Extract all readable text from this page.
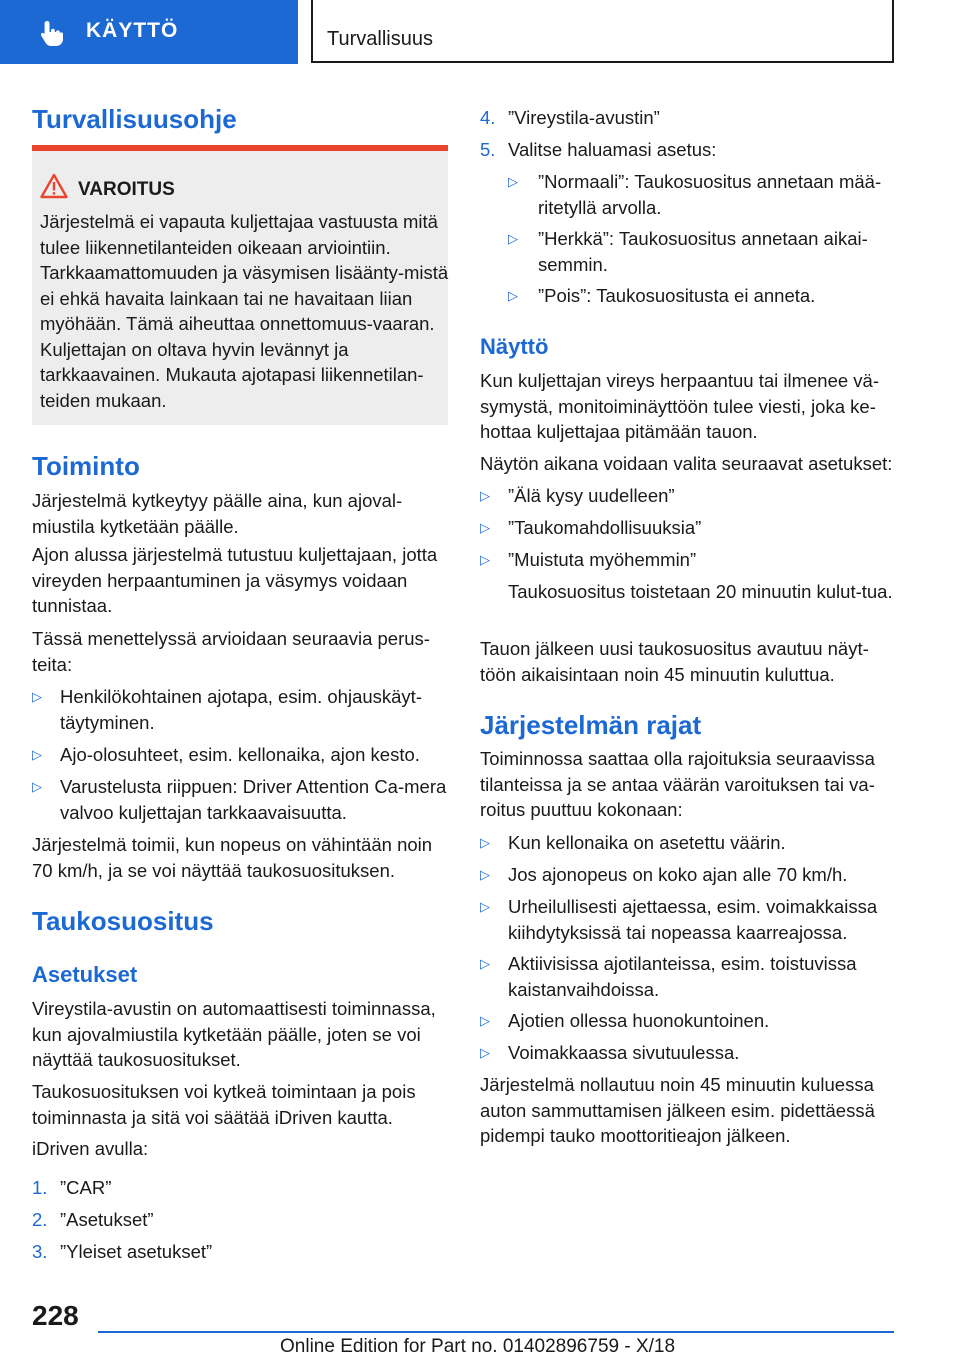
KÄYTTÖ	Turvallisuus
Turvallisuusohje
VAROITUS
Järjestelmä ei vapauta kuljettajaa vastuusta mitä tulee liikennetilanteiden oikeaan arviointiin. Tarkkaamattomuuden ja väsymisen lisäänty-mistä ei ehkä havaita lainkaan tai ne havaitaan liian myöhään. Tämä aiheuttaa onnettomuus-vaaran. Kuljettajan on oltava hyvin levännyt ja tarkkaavainen. Mukauta ajotapasi liikennetilan-teiden mukaan.
Toiminto

Järjestelmä kytkeytyy päälle aina, kun ajoval-miustila kytketään päälle.

Ajon alussa järjestelmä tutustuu kuljettajaan, jotta vireyden herpaantuminen ja väsymys voidaan tunnistaa.

Tässä menettelyssä arvioidaan seuraavia perus-teita:

▷ Henkilökohtainen ajotapa, esim. ohjauskäyt-täytyminen.
▷ Ajo-olosuhteet, esim. kellonaika, ajon kesto.
▷ Varustelusta riippuen: Driver Attention Ca-mera valvoo kuljettajan tarkkaavaisuutta.

Järjestelmä toimii, kun nopeus on vähintään noin 70 km/h, ja se voi näyttää taukosuosituksen.

Taukosuositus
Asetukset

Vireystila-avustin on automaattisesti toiminnassa, kun ajovalmiustila kytketään päälle, joten se voi näyttää taukosuositukset.

Taukosuosituksen voi kytkeä toimintaan ja pois toiminnasta ja sitä voi säätää iDriven kautta.

iDriven avulla:

1. ”CAR”
2. ”Asetukset”
3. ”Yleiset asetukset”
4. ”Vireystila-avustin”
5. Valitse haluamasi asetus:
▷ ”Normaali”: Taukosuositus annetaan mää-ritetyllä arvolla.
▷ ”Herkkä”: Taukosuositus annetaan aikai-semmin.
▷ ”Pois”: Taukosuositusta ei anneta.
Näyttö

Kun kuljettajan vireys herpaantuu tai ilmenee vä-symystä, monitoiminäyttöön tulee viesti, joka ke-hottaa kuljettajaa pitämään tauon.

Näytön aikana voidaan valita seuraavat asetukset:

▷ ”Älä kysy uudelleen”
▷ ”Taukomahdollisuuksia”
▷ ”Muistuta myöhemmin”

Taukosuositus toistetaan 20 minuutin kulut-tua.

Tauon jälkeen uusi taukosuositus avautuu näyt-töön aikaisintaan noin 45 minuutin kuluttua.

Järjestelmän rajat

Toiminnossa saattaa olla rajoituksia seuraavissa tilanteissa ja se antaa väärän varoituksen tai va-roitus puuttuu kokonaan:

▷ Kun kellonaika on asetettu väärin.
▷ Jos ajonopeus on koko ajan alle 70 km/h.
▷ Urheilullisesti ajettaessa, esim. voimakkaissa kiihdytyksissä tai nopeassa kaarreajossa.
▷ Aktiivisissa ajotilanteissa, esim. toistuvissa kaistanvaihdoissa.
▷ Ajotien ollessa huonokuntoinen.
▷ Voimakkaassa sivutuulessa.

Järjestelmä nollautuu noin 45 minuutin kuluessa auton sammuttamisen jälkeen esim. pidettäessä pidempi tauko moottoritieajon jälkeen.

228
Online Edition for Part no. 01402896759 - X/18
